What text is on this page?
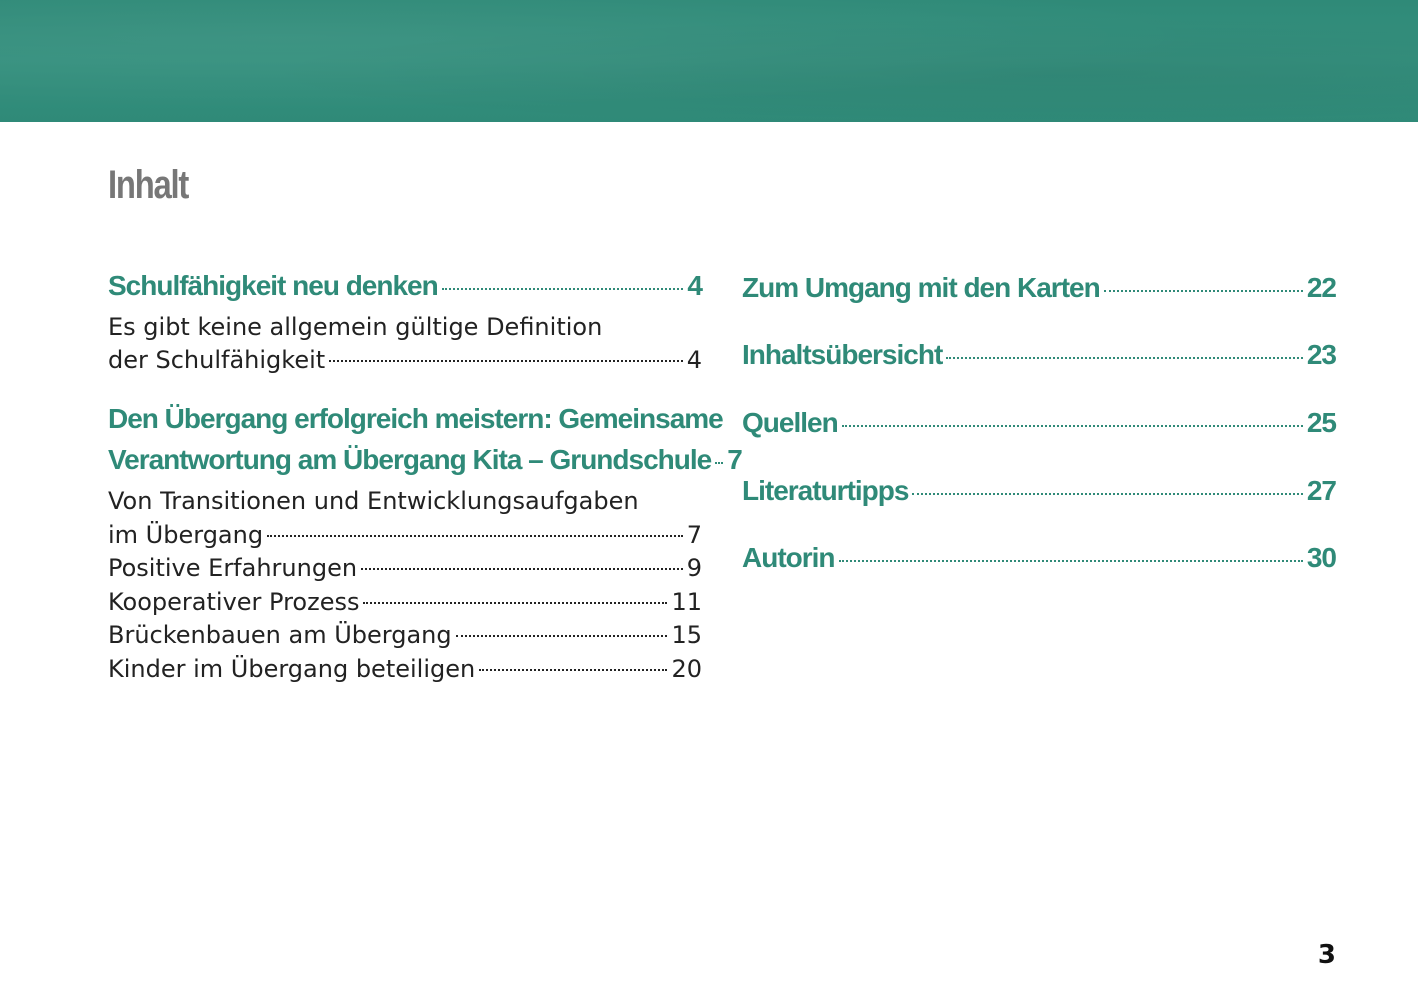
Inhalt
Schulfähigkeit neu denken	4
Es gibt keine allgemein gültige Definition
der Schulfähigkeit	4
Den Übergang erfolgreich meistern: Gemeinsame
Verantwortung am Übergang Kita – Grundschule 7
Von Transitionen und Entwicklungsaufgaben
im Übergang	7
Positive Erfahrungen	9
Kooperativer Prozess	11
Brückenbauen am Übergang	15
Kinder im Übergang beteiligen	20
Zum Umgang mit den Karten	22
Inhaltsübersicht	23
Quellen	25
Literaturtipps	27
Autorin	30
3
